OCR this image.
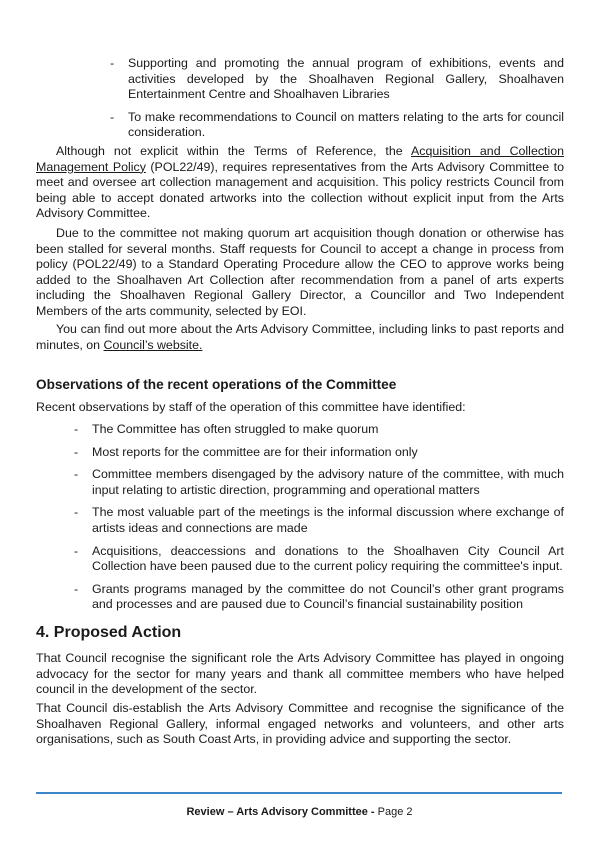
- Supporting and promoting the annual program of exhibitions, events and activities developed by the Shoalhaven Regional Gallery, Shoalhaven Entertainment Centre and Shoalhaven Libraries
- To make recommendations to Council on matters relating to the arts for council consideration.

Although not explicit within the Terms of Reference, the Acquisition and Collection Management Policy (POL22/49), requires representatives from the Arts Advisory Committee to meet and oversee art collection management and acquisition. This policy restricts Council from being able to accept donated artworks into the collection without explicit input from the Arts Advisory Committee.

Due to the committee not making quorum art acquisition though donation or otherwise has been stalled for several months. Staff requests for Council to accept a change in process from policy (POL22/49) to a Standard Operating Procedure allow the CEO to approve works being added to the Shoalhaven Art Collection after recommendation from a panel of arts experts including the Shoalhaven Regional Gallery Director, a Councillor and Two Independent Members of the arts community, selected by EOI.

You can find out more about the Arts Advisory Committee, including links to past reports and minutes, on Council’s website.

Observations of the recent operations of the Committee

Recent observations by staff of the operation of this committee have identified:

- The Committee has often struggled to make quorum
- Most reports for the committee are for their information only
- Committee members disengaged by the advisory nature of the committee, with much input relating to artistic direction, programming and operational matters
- The most valuable part of the meetings is the informal discussion where exchange of artists ideas and connections are made
- Acquisitions, deaccessions and donations to the Shoalhaven City Council Art Collection have been paused due to the current policy requiring the committee's input.
- Grants programs managed by the committee do not Council’s other grant programs and processes and are paused due to Council’s financial sustainability position
4. Proposed Action

That Council recognise the significant role the Arts Advisory Committee has played in ongoing advocacy for the sector for many years and thank all committee members who have helped council in the development of the sector.

That Council dis-establish the Arts Advisory Committee and recognise the significance of the Shoalhaven Regional Gallery, informal engaged networks and volunteers, and other arts organisations, such as South Coast Arts, in providing advice and supporting the sector.

Review – Arts Advisory Committee - Page 2
